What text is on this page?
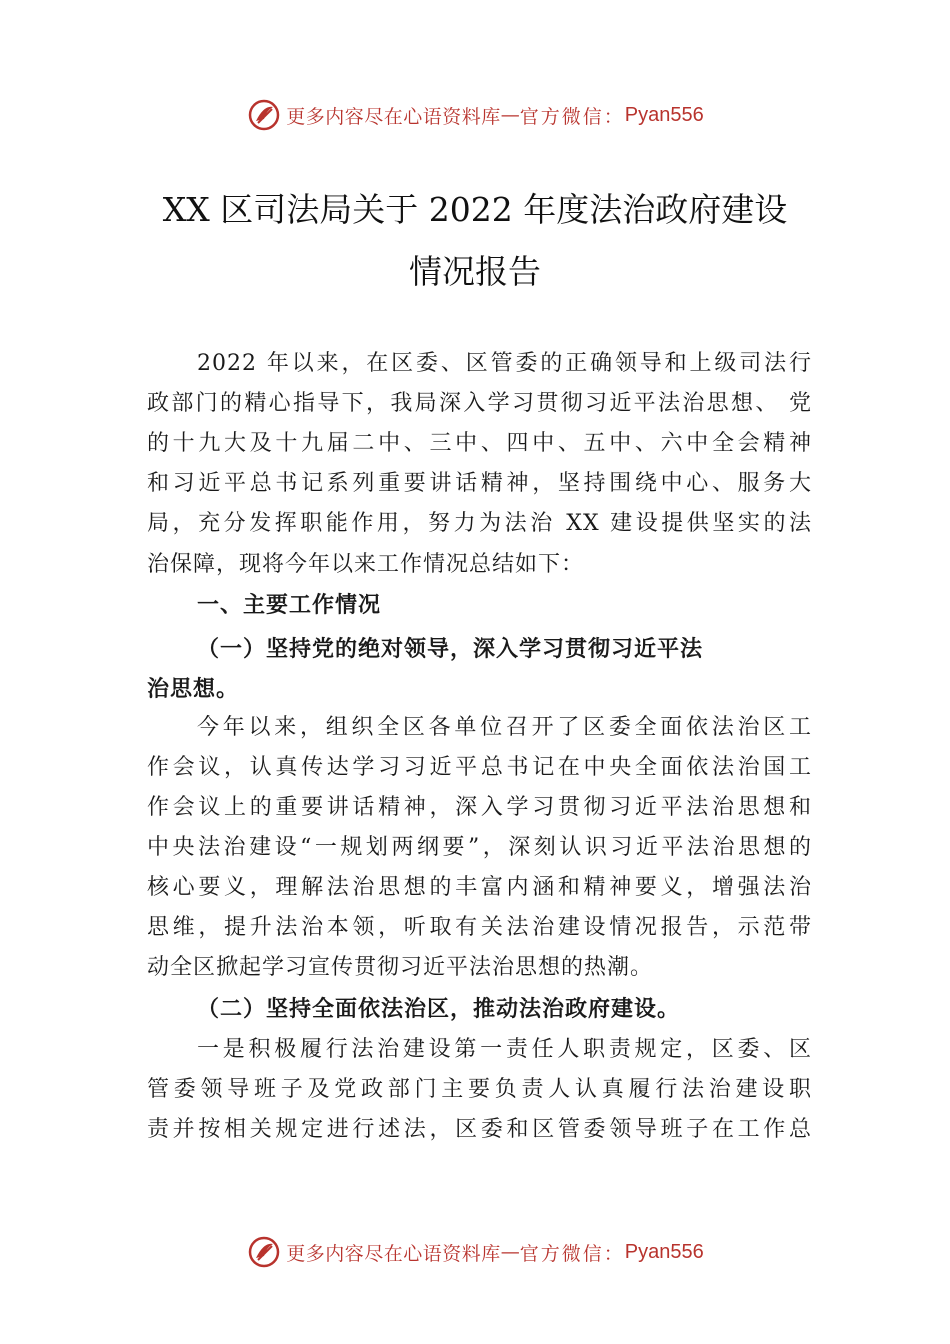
更多内容尽在心语资料库 — 官方微信： Pyan556
XX 区司法局关于 2022 年度法治政府建设
情况报告
2022 年以来，在区委、区管委的正确领导和上级司法行
政部门的精心指导下，我局深入学习贯彻习近平法治思想、 党
的十九大及十九届二中、三中、四中、五中、六中全会精神
和习近平总书记系列重要讲话精神，坚持围绕中心、服务大
局，充分发挥职能作用，努力为法治 XX 建设提供坚实的法
治保障，现将今年以来工作情况总结如下：
一、主要工作情况
（一）坚持党的绝对领导，深入学习贯彻习近平法
治思想。
今年以来，组织全区各单位召开了区委全面依法治区工
作会议，认真传达学习习近平总书记在中央全面依法治国工
作会议上的重要讲话精神，深入学习贯彻习近平法治思想和
中央法治建设“一规划两纲要”，深刻认识习近平法治思想的
核心要义，理解法治思想的丰富内涵和精神要义，增强法治
思维，提升法治本领，听取有关法治建设情况报告，示范带
动全区掀起学习宣传贯彻习近平法治思想的热潮。
（二）坚持全面依法治区，推动法治政府建设。
一是积极履行法治建设第一责任人职责规定，区委、区
管委领导班子及党政部门主要负责人认真履行法治建设职
责并按相关规定进行述法，区委和区管委领导班子在工作总
更多内容尽在心语资料库 — 官方微信： Pyan556
